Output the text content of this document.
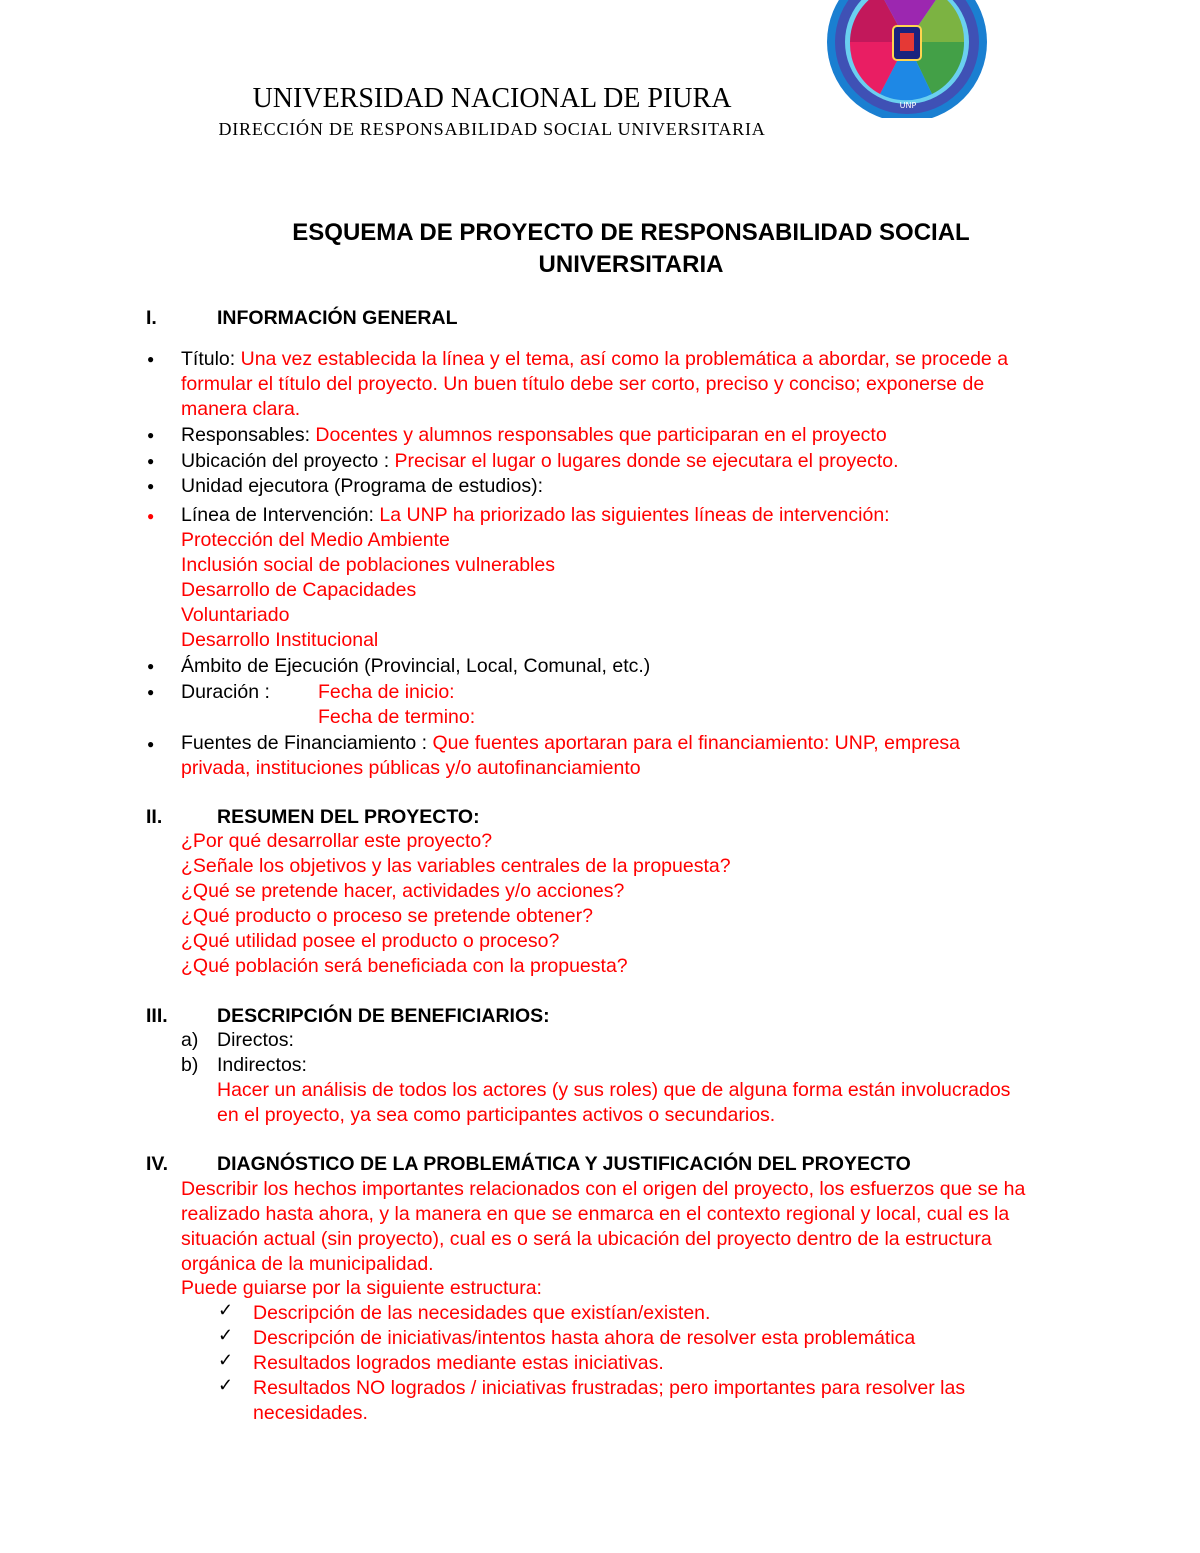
UNP
UNIVERSIDAD NACIONAL DE PIURA
DIRECCIÓN DE RESPONSABILIDAD SOCIAL UNIVERSITARIA
ESQUEMA DE PROYECTO DE RESPONSABILIDAD SOCIAL
UNIVERSITARIA
I.	INFORMACIÓN GENERAL
● Título: Una vez establecida la línea y el tema, así como la problemática a abordar, se procede a
formular el título del proyecto. Un buen título debe ser corto, preciso y conciso; exponerse de
manera clara.
● Responsables: Docentes y alumnos responsables que participaran en el proyecto
● Ubicación del proyecto : Precisar el lugar o lugares donde se ejecutara el proyecto.
● Unidad ejecutora (Programa de estudios):
● Línea de Intervención: La UNP ha priorizado las siguientes líneas de intervención:
Protección del Medio Ambiente
Inclusión social de poblaciones vulnerables
Desarrollo de Capacidades
Voluntariado
Desarrollo Institucional
● Ámbito de Ejecución (Provincial, Local, Comunal, etc.)
● Duración : Fecha de inicio:
Fecha de termino:
● Fuentes de Financiamiento : Que fuentes aportaran para el financiamiento: UNP, empresa
privada, instituciones públicas y/o autofinanciamiento
II.	RESUMEN DEL PROYECTO:
¿Por qué desarrollar este proyecto?
¿Señale los objetivos y las variables centrales de la propuesta?
¿Qué se pretende hacer, actividades y/o acciones?
¿Qué producto o proceso se pretende obtener?
¿Qué utilidad posee el producto o proceso?
¿Qué población será beneficiada con la propuesta?
III.	DESCRIPCIÓN DE BENEFICIARIOS:
a) Directos:
b) Indirectos:
Hacer un análisis de todos los actores (y sus roles) que de alguna forma están involucrados
en el proyecto, ya sea como participantes activos o secundarios.
IV.	DIAGNÓSTICO DE LA PROBLEMÁTICA Y JUSTIFICACIÓN DEL PROYECTO
Describir los hechos importantes relacionados con el origen del proyecto, los esfuerzos que se ha
realizado hasta ahora, y la manera en que se enmarca en el contexto regional y local, cual es la
situación actual (sin proyecto), cual es o será la ubicación del proyecto dentro de la estructura
orgánica de la municipalidad.
Puede guiarse por la siguiente estructura:
✓ Descripción de las necesidades que existían/existen.
✓ Descripción de iniciativas/intentos hasta ahora de resolver esta problemática
✓ Resultados logrados mediante estas iniciativas.
✓ Resultados NO logrados / iniciativas frustradas; pero importantes para resolver las
necesidades.
